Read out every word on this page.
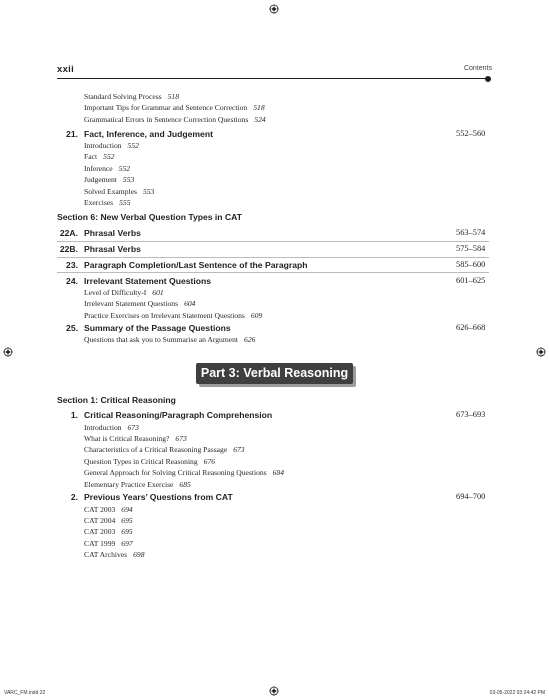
xxii	Contents
Standard Solving Process 518
Important Tips for Grammar and Sentence Correction 518
Grammatical Errors in Sentence Correction Questions 524
21. Fact, Inference, and Judgement	552–560
Introduction 552
Fact 552
Inference 552
Judgement 553
Solved Examples 553
Exercises 555
Section 6: New Verbal Question Types in CAT
22A. Phrasal Verbs	563–574
22B. Phrasal Verbs	575–584
23. Paragraph Completion/Last Sentence of the Paragraph	585–600
24. Irrelevant Statement Questions	601–625
Level of Difficulty-I 601
Irrelevant Statement Questions 604
Practice Exercises on Irrelevant Statement Questions 609
25. Summary of the Passage Questions	626–668
Questions that ask you to Summarise an Argument 626
Section 1: Critical Reasoning
1. Critical Reasoning/Paragraph Comprehension	673–693
Introduction 673
What is Critical Reasoning? 673
Characteristics of a Critical Reasoning Passage 673
Question Types in Critical Reasoning 676
General Approach for Solving Critical Reasoning Questions 684
Elementary Practice Exercise 685
2. Previous Years’ Questions from CAT	694–700
CAT 2003 694
CAT 2004 695
CAT 2003 695
CAT 1999 697
CAT Archives 698
Part 3: Verbal Reasoning
VARC_FM.indd 22	03-05-2022 03:24:42 PM
